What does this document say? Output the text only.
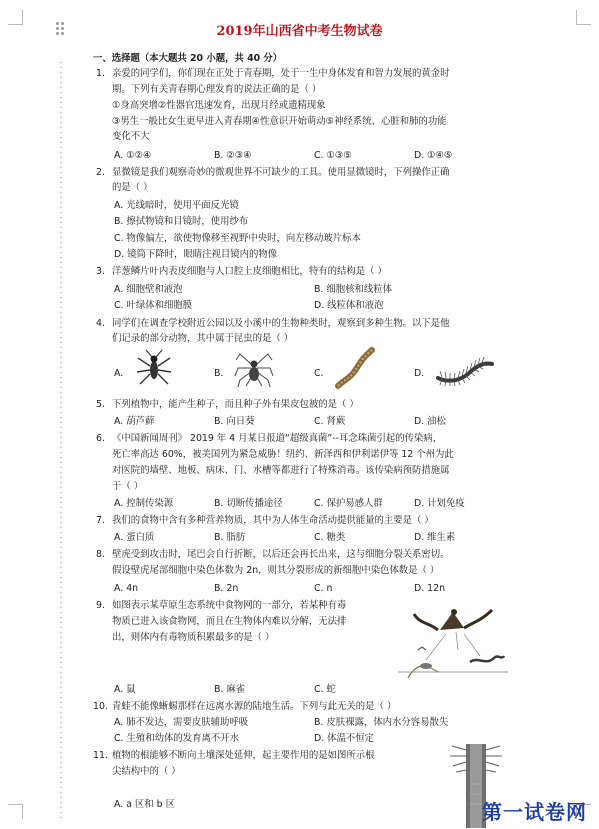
2019年山西省中考生物试卷
一、选择题（本大题共 20 小题，共 40 分）
1. 亲爱的同学们，你们现在正处于青春期，处于一生中身体发育和智力发展的黄金时
期。下列有关青春期心理发育的说法正确的是（ ）
①身高突增②性器官迅速发育，出现月经或遗精现象
③男生一般比女生更早进入青春期④性意识开始萌动⑤神经系统、心脏和肺的功能
变化不大
A. ①②④	B. ②③④	C. ①③⑤	D. ①④⑤
2. 显微镜是我们观察奇妙的微观世界不可缺少的工具。使用显微镜时，下列操作正确
的是（ ）
A. 光线暗时，使用平面反光镜
B. 擦拭物镜和目镜时，使用纱布
C. 物像偏左，欲使物像移至视野中央时，向左移动玻片标本
D. 镜筒下降时，眼睛注视目镜内的物像
3. 洋葱鳞片叶内表皮细胞与人口腔上皮细胞相比，特有的结构是（ ）
A. 细胞壁和液泡	B. 细胞核和线粒体
C. 叶绿体和细胞膜	D. 线粒体和液泡
4. 同学们在调查学校附近公园以及小溪中的生物种类时，观察到多种生物。以下是他
们记录的部分动物，其中属于昆虫的是（ ）
A.	B.	C.	D.
5. 下列植物中，能产生种子，而且种子外有果皮包被的是（ ）
A. 葫芦藓	B. 向日葵	C. 肾蕨	D. 油松
6. 《中国新闻周刊》 2019 年 4 月某日报道“超级真菌”--耳念珠菌引起的传染病，
死亡率高达 60%，被美国列为紧急威胁！纽约、新泽西和伊利诺伊等 12 个州为此
对医院的墙壁、地板、病床、门、水槽等都进行了特殊消毒。该传染病预防措施属
于（ ）
A. 控制传染源	B. 切断传播途径	C. 保护易感人群	D. 计划免疫
7. 我们的食物中含有多种营养物质，其中为人体生命活动提供能量的主要是（ ）
A. 蛋白质	B. 脂肪	C. 糖类	D. 维生素
8. 壁虎受到攻击时，尾巴会自行折断，以后还会再长出来，这与细胞分裂关系密切。
假设壁虎尾部细胞中染色体数为 2n，则其分裂形成的新细胞中染色体数是（ ）
A. 4n	B. 2n	C. n	D. 12n
9. 如图表示某草原生态系统中食物网的一部分，若某种有毒
物质已进入该食物网，而且在生物体内难以分解，无法排
出，则体内有毒物质积累最多的是（ ）
A. 鼠	B. 麻雀	C. 蛇
10. 青蛙不能像蜥蜴那样在远离水源的陆地生活。下列与此无关的是（ ）
A. 肺不发达，需要皮肤辅助呼吸	B. 皮肤裸露，体内水分容易散失
C. 生殖和幼体的发育离不开水	D. 体温不恒定
11. 植物的根能够不断向土壤深处延伸，起主要作用的是如图所示根
尖结构中的（ ）
A. a 区和 b 区	第一试卷网
